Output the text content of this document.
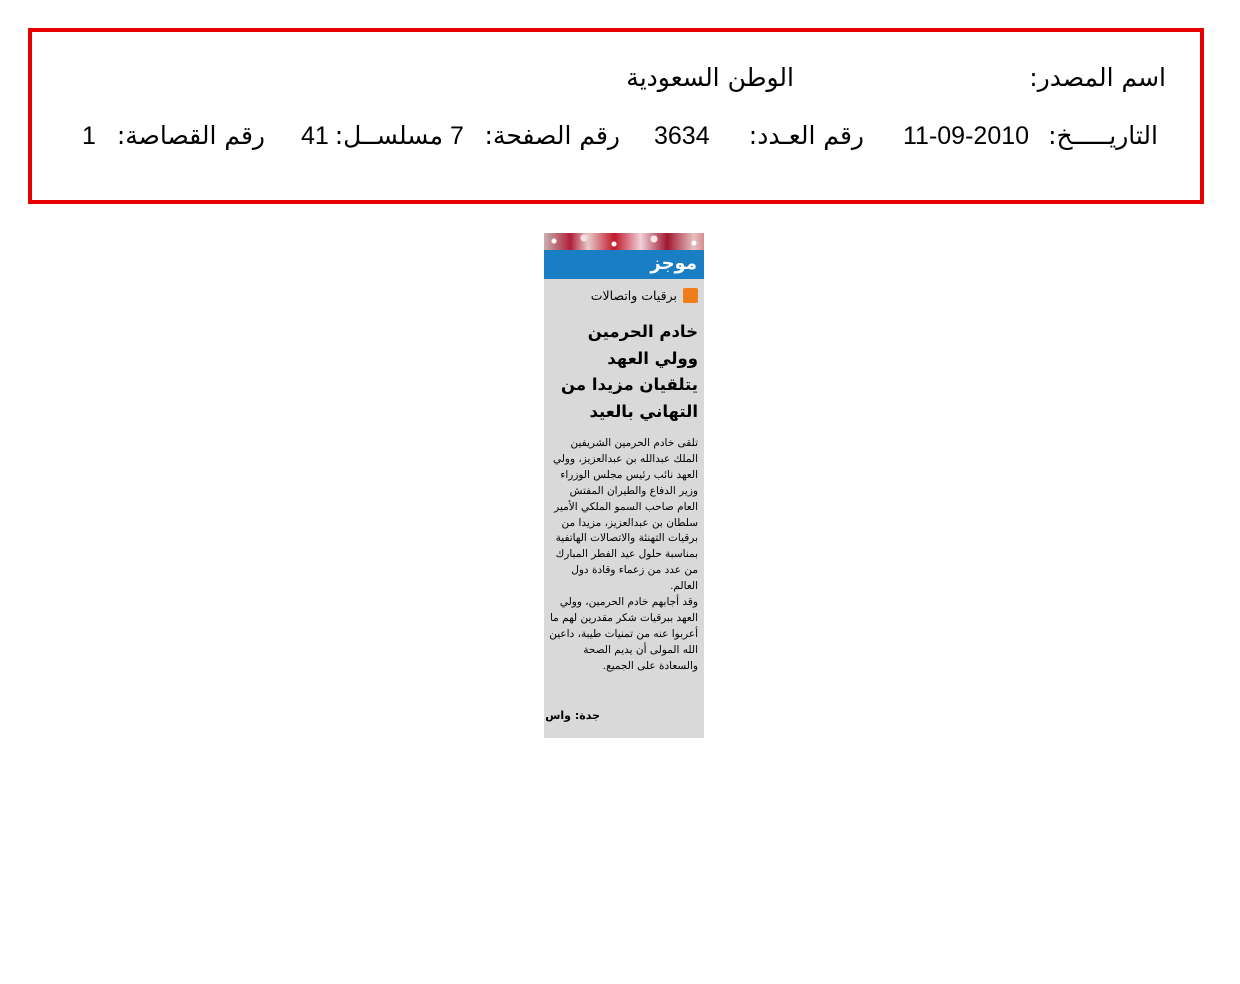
اسم المصدر:
الوطن السعودية
التاريـــــخ:
11-09-2010
رقم العـدد:
3634
رقم الصفحة:
7
مسلســل:
41
رقم القصاصة:
1
موجز
برقيات واتصالات
خادم الحرمين وولي العهد يتلقيان مزيدا من التهاني بالعيد

تلقى خادم الحرمين الشريفين الملك عبدالله بن عبدالعزيز، وولي العهد نائب رئيس مجلس الوزراء وزير الدفاع والطيران المفتش العام صاحب السمو الملكي الأمير سلطان بن عبدالعزيز، مزيدا من برقيات التهنئة والاتصالات الهاتفية بمناسبة حلول عيد الفطر المبارك من عدد من زعماء وقادة دول العالم.

وقد أجابهم خادم الحرمين، وولي العهد ببرقيات شكر مقدرين لهم ما أعربوا عنه من تمنيات طيبة، داعين الله المولى أن يديم الصحة والسعادة على الجميع.

جدة: واس
